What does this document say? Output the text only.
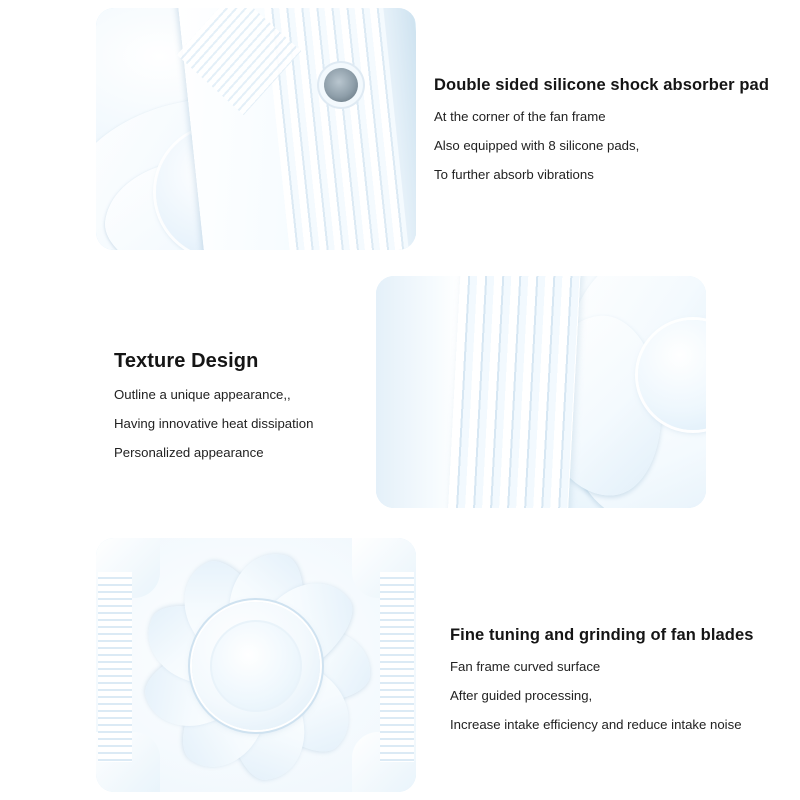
Double sided silicone shock absorber pad

At the corner of the fan frame

Also equipped with 8 silicone pads,

To further absorb vibrations

Texture Design

Outline a unique appearance,,

Having innovative heat dissipation

Personalized appearance

Fine tuning and grinding of fan blades

Fan frame curved surface

After guided processing,

Increase intake efficiency and reduce intake noise
